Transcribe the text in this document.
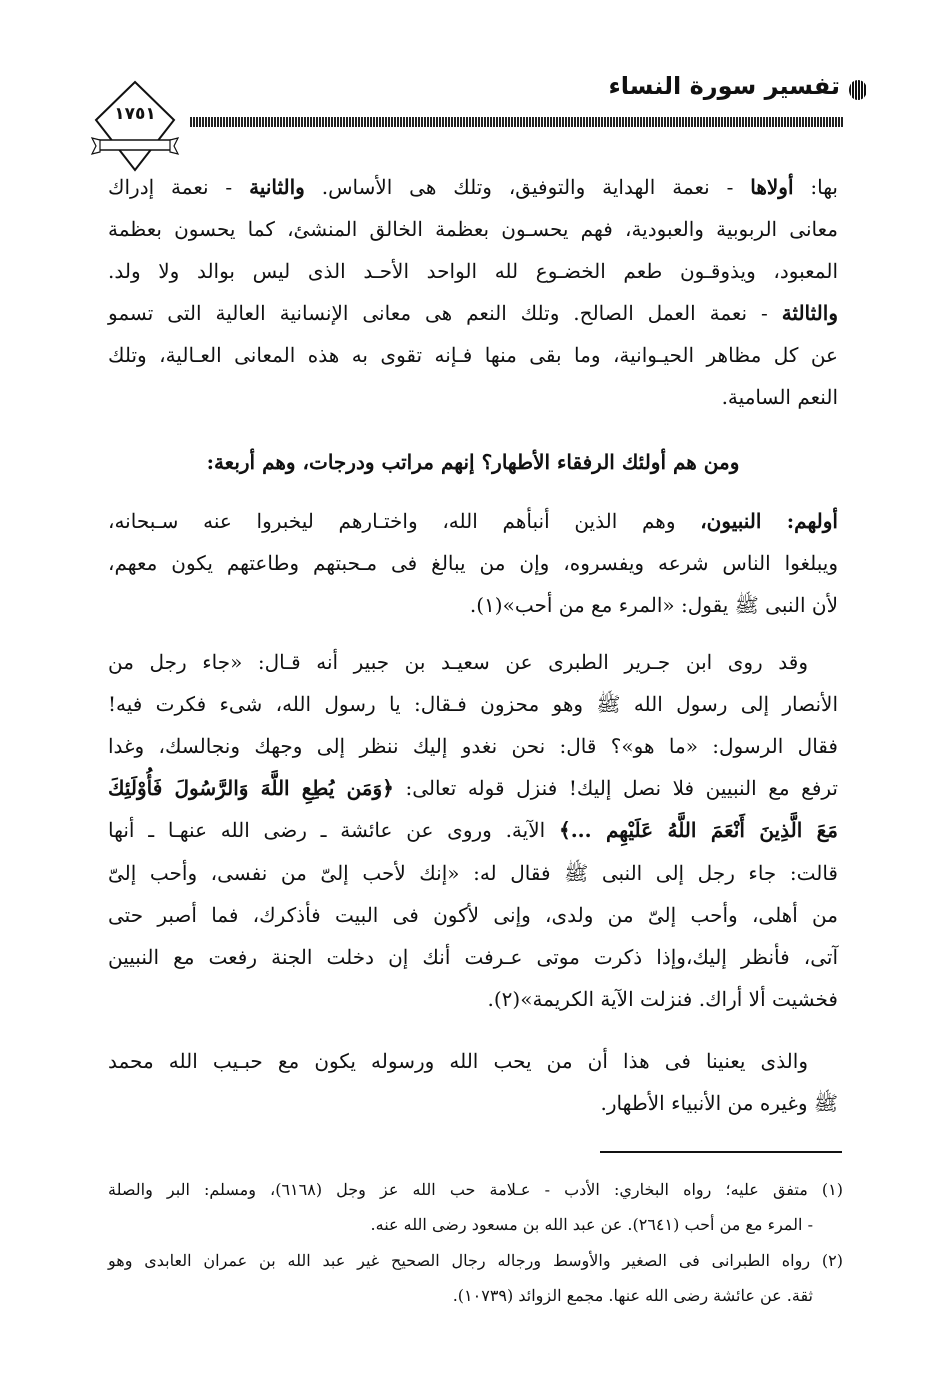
تفسير سورة النساء
١٧٥١
بها: أولاها - نعمة الهداية والتوفيق، وتلك هى الأساس. والثانية - نعمة إدراك
معانى الربوبية والعبودية، فهم يحسـون بعظمة الخالق المنشئ، كما يحسون بعظمة
المعبود، ويذوقـون طعم الخضـوع لله الواحد الأحـد الذى ليس بوالد ولا ولد.
والثالثة - نعمة العمل الصالح. وتلك النعم هى معانى الإنسانية العالية التى تسمو
عن كل مظاهر الحيـوانية، وما بقى منها فـإنه تقوى به هذه المعانى العـالية، وتلك
النعم السامية.
ومن هم أولئك الرفقاء الأطهار؟ إنهم مراتب ودرجات، وهم أربعة:
أولهم: النبيون، وهم الذين أنبأهم الله، واختـارهم ليخبروا عنه سـبحانه،
ويبلغوا الناس شرعه ويفسروه، وإن من يبالغ فى مـحبتهم وطاعتهم يكون معهم،
لأن النبى ﷺ يقول: «المرء مع من أحب»(١).
وقد روى ابن جـرير الطبرى عن سعيـد بن جبير أنه قـال: «جاء رجل من
الأنصار إلى رسول الله ﷺ وهو محزون فـقال: يا رسول الله، شىء فكرت فيه!
فقال الرسول: «ما هو»؟ قال: نحن نغدو إليك ننظر إلى وجهك ونجالسك، وغدا
ترفع مع النبيين فلا نصل إليك! فنزل قوله تعالى: ﴿وَمَن يُطِعِ اللَّهَ وَالرَّسُولَ فَأُوْلَئِكَ
مَعَ الَّذِينَ أَنْعَمَ اللَّهُ عَلَيْهِم ...﴾ الآية. وروى عن عائشة ـ رضى الله عنهـا ـ أنها
قالت: جاء رجل إلى النبى ﷺ فقال له: «إنك لأحب إلىّ من نفسى، وأحب إلىّ
من أهلى، وأحب إلىّ من ولدى، وإنى لأكون فى البيت فأذكرك، فما أصبر حتى
آتى، فأنظر إليك،وإذا ذكرت موتى عـرفت أنك إن دخلت الجنة رفعت مع النبيين
فخشيت ألا أراك. فنزلت الآية الكريمة»(٢).
والذى يعنينا فى هذا أن من يحب الله ورسوله يكون مع حبـيب الله محمد
ﷺ وغيره من الأنبياء الأطهار.
(١) متفق عليه؛ رواه البخاري: الأدب - عـلامة حب الله عز وجل (٦١٦٨)، ومسلم: البر والصلة
- المرء مع من أحب (٢٦٤١). عن عبد الله بن مسعود رضى الله عنه.
(٢) رواه الطبرانى فى الصغير والأوسط ورجاله رجال الصحيح غير عبد الله بن عمران العابدى وهو
ثقة. عن عائشة رضى الله عنها. مجمع الزوائد (١٠٧٣٩).
